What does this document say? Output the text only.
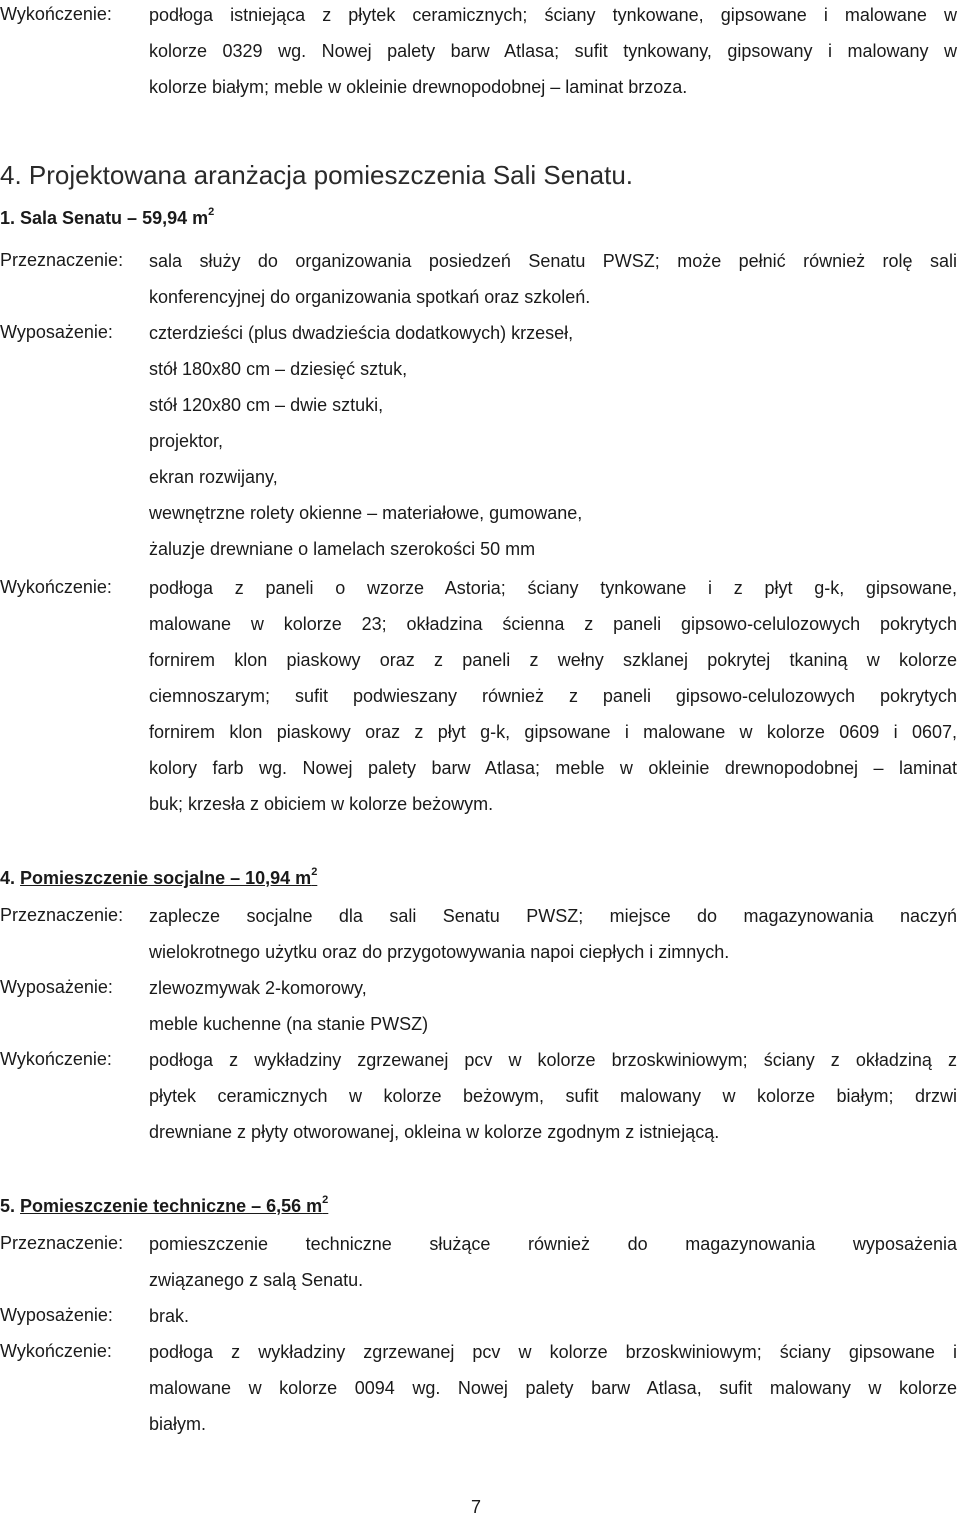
Wykończenie: podłoga istniejąca z płytek ceramicznych; ściany tynkowane, gipsowane i malowane w
kolorze 0329 wg. Nowej palety barw Atlasa; sufit tynkowany, gipsowany i malowany w
kolorze białym; meble w okleinie drewnopodobnej – laminat brzoza.
4. Projektowana aranżacja pomieszczenia Sali Senatu.
1. Sala Senatu – 59,94 $m^2$
Przeznaczenie: sala służy do organizowania posiedzeń Senatu PWSZ; może pełnić również rolę sali
konferencyjnej do organizowania spotkań oraz szkoleń.
Wyposażenie: czterdzieści (plus dwadzieścia dodatkowych) krzeseł,
stół 180x80 cm – dziesięć sztuk,
stół 120x80 cm – dwie sztuki,
projektor,
ekran rozwijany,
wewnętrzne rolety okienne – materiałowe, gumowane,
żaluzje drewniane o lamelach szerokości 50 mm
Wykończenie: podłoga z paneli o wzorze Astoria; ściany tynkowane i z płyt g-k, gipsowane,
malowane w kolorze 23; okładzina ścienna z paneli gipsowo-celulozowych pokrytych
fornirem klon piaskowy oraz z paneli z wełny szklanej pokrytej tkaniną w kolorze
ciemnoszarym; sufit podwieszany również z paneli gipsowo-celulozowych pokrytych
fornirem klon piaskowy oraz z płyt g-k, gipsowane i malowane w kolorze 0609 i 0607,
kolory farb wg. Nowej palety barw Atlasa; meble w okleinie drewnopodobnej – laminat
buk; krzesła z obiciem w kolorze beżowym.
4. Pomieszczenie socjalne – 10,94 $m^2$
Przeznaczenie: zaplecze socjalne dla sali Senatu PWSZ; miejsce do magazynowania naczyń
wielokrotnego użytku oraz do przygotowywania napoi ciepłych i zimnych.
Wyposażenie: zlewozmywak 2-komorowy,
meble kuchenne (na stanie PWSZ)
Wykończenie: podłoga z wykładziny zgrzewanej pcv w kolorze brzoskwiniowym; ściany z okładziną z
płytek ceramicznych w kolorze beżowym, sufit malowany w kolorze białym; drzwi
drewniane z płyty otworowanej, okleina w kolorze zgodnym z istniejącą.
5. Pomieszczenie techniczne – 6,56 $m^2$
Przeznaczenie: pomieszczenie techniczne służące również do magazynowania wyposażenia
związanego z salą Senatu.
Wyposażenie: brak.
Wykończenie: podłoga z wykładziny zgrzewanej pcv w kolorze brzoskwiniowym; ściany gipsowane i
malowane w kolorze 0094 wg. Nowej palety barw Atlasa, sufit malowany w kolorze
białym.
7
